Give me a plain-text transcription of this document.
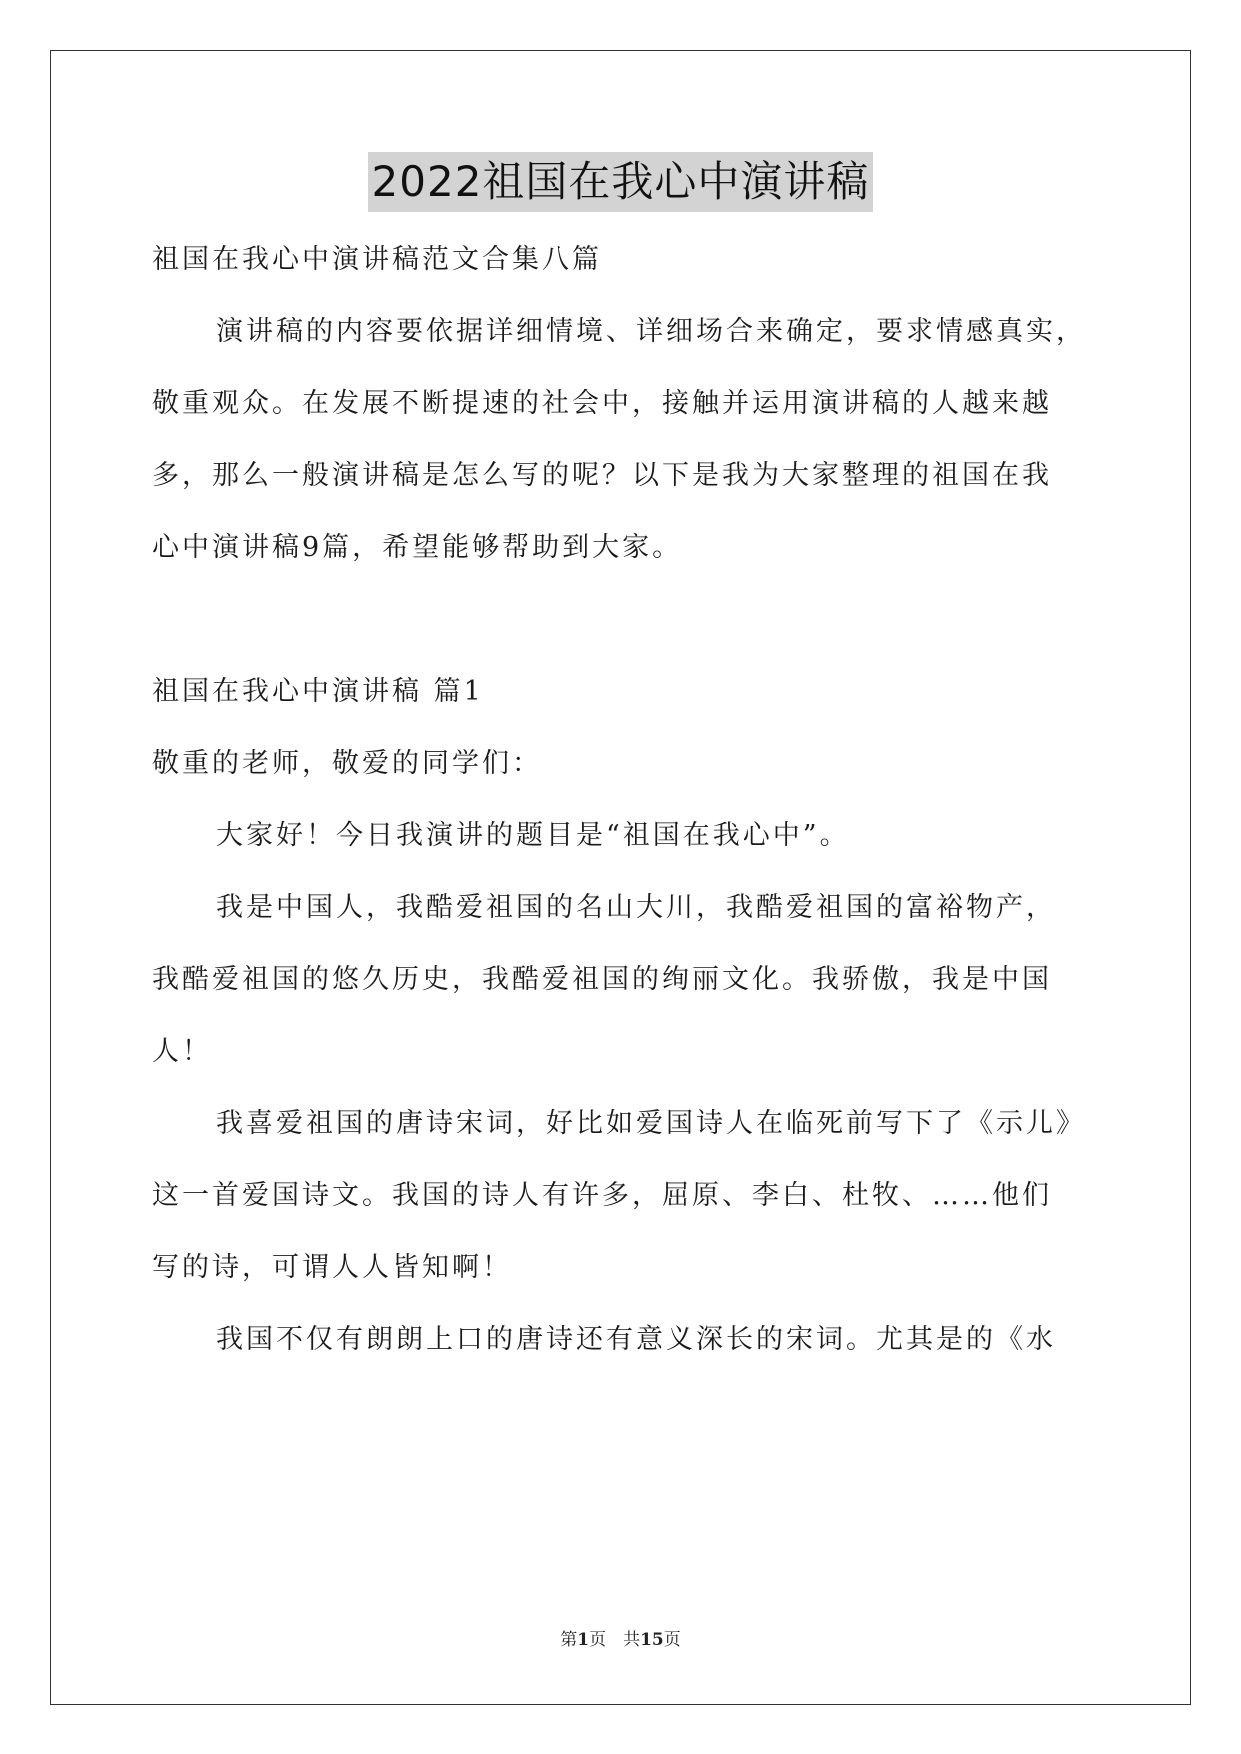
2022祖国在我心中演讲稿
祖国在我心中演讲稿范文合集八篇
演讲稿的内容要依据详细情境、详细场合来确定，要求情感真实，
敬重观众。在发展不断提速的社会中，接触并运用演讲稿的人越来越
多，那么一般演讲稿是怎么写的呢？以下是我为大家整理的祖国在我
心中演讲稿9篇，希望能够帮助到大家。
祖国在我心中演讲稿 篇1
敬重的老师，敬爱的同学们：
大家好！今日我演讲的题目是“祖国在我心中”。
我是中国人，我酷爱祖国的名山大川，我酷爱祖国的富裕物产，
我酷爱祖国的悠久历史，我酷爱祖国的绚丽文化。我骄傲，我是中国
人！
我喜爱祖国的唐诗宋词，好比如爱国诗人在临死前写下了《示儿》
这一首爱国诗文。我国的诗人有许多，屈原、李白、杜牧、……他们
写的诗，可谓人人皆知啊！
我国不仅有朗朗上口的唐诗还有意义深长的宋词。尤其是的《水
第1页　共15页
